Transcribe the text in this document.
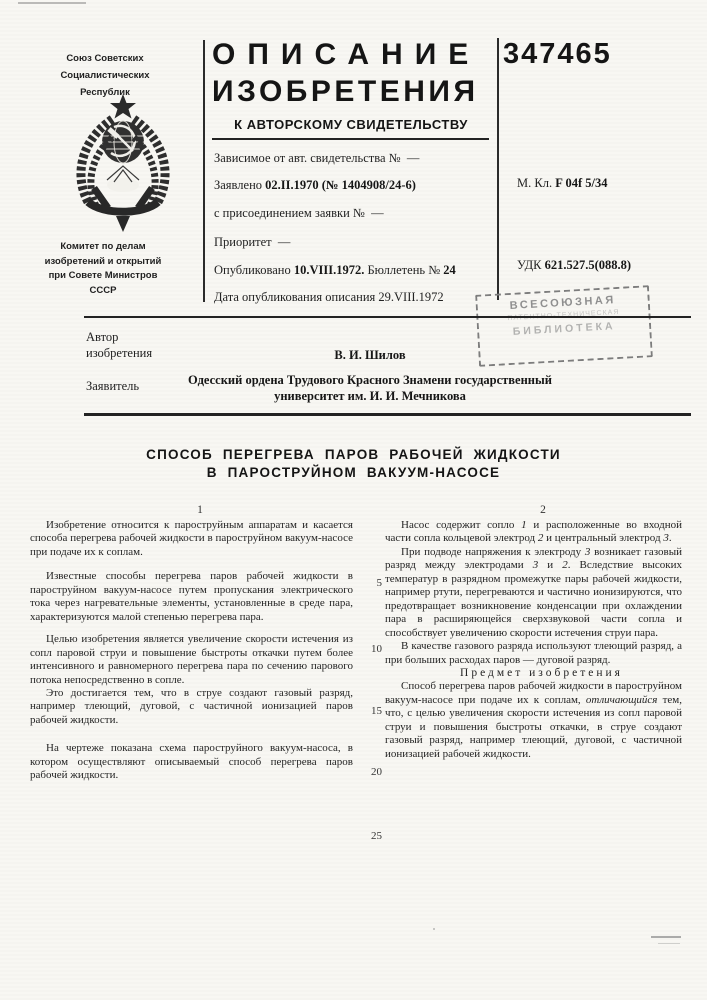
Союз Советских
Социалистических
Республик
Комитет по делам
изобретений и открытий
при Совете Министров
СССР
ОПИСАНИЕ
ИЗОБРЕТЕНИЯ
К АВТОРСКОМУ СВИДЕТЕЛЬСТВУ
347465
Зависимое от авт. свидетельства № —
Заявлено 02.II.1970 (№ 1404908/24-6)
с присоединением заявки № —
Приоритет —
Опубликовано 10.VIII.1972. Бюллетень № 24
Дата опубликования описания 29.VIII.1972
М. Кл. F 04f 5/34
УДК 621.527.5(088.8)
ВСЕСОЮЗНАЯ
БИБЛИОТЕКА
Автор
изобретения	В. И. Шилов
Заявитель	Одесский ордена Трудового Красного Знамени государственный
университет им. И. И. Мечникова
СПОСОБ ПЕРЕГРЕВА ПАРОВ РАБОЧЕЙ ЖИДКОСТИ
В ПАРОСТРУЙНОМ ВАКУУМ-НАСОСЕ
1	2

Изобретение относится к пароструйным аппаратам и касается способа перегрева рабочей жидкости в пароструйном вакуум-насосе при подаче их к соплам.

Известные способы перегрева паров рабочей жидкости в пароструйном вакуум-насосе путем пропускания электрического тока через нагревательные элементы, установленные в среде пара, характеризуются малой степенью перегрева пара.

Целью изобретения является увеличение скорости истечения из сопл паровой струи и повышение быстроты откачки путем более интенсивного и равномерного перегрева пара по сечению парового потока непосредственно в сопле.

Это достигается тем, что в струе создают газовый разряд, например тлеющий, дуговой, с частичной ионизацией паров рабочей жидкости.

На чертеже показана схема пароструйного вакуум-насоса, в котором осуществляют описываемый способ перегрева паров рабочей жидкости.

5
10
15
20
25

Насос содержит сопло 1 и расположенные во входной части сопла кольцевой электрод 2 и центральный электрод 3.

При подводе напряжения к электроду 3 возникает газовый разряд между электродами 3 и 2. Вследствие высоких температур в разрядном промежутке пары рабочей жидкости, например ртути, перегреваются и частично ионизируются, что предотвращает возникновение конденсации при охлаждении пара в расширяющейся сверхзвуковой части сопла и способствует увеличению скорости истечения струи пара.

В качестве газового разряда используют тлеющий разряд, а при больших расходах паров — дуговой разряд.

Предмет изобретения

Способ перегрева паров рабочей жидкости в пароструйном вакуум-насосе при подаче их к соплам, отличающийся тем, что, с целью увеличения скорости истечения из сопл паровой струи и повышения быстроты откачки, в струе создают газовый разряд, например тлеющий, дуговой, с частичной ионизацией рабочей жидкости.
